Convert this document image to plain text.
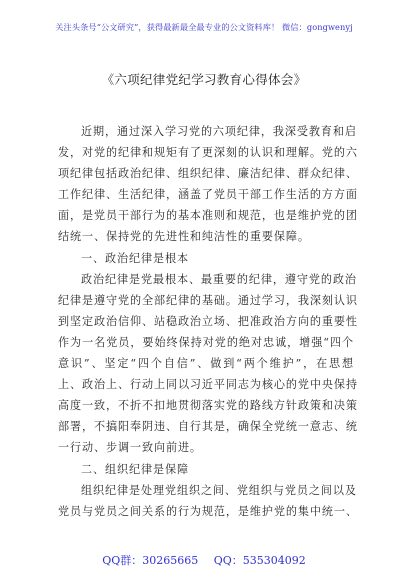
关注头条号“公文研究”，获得最新最全最专业的公文资料库！ 微信：gongwenyj
《六项纪律党纪学习教育心得体会》
近期，通过深入学习党的六项纪律，我深受教育和启
发，对党的纪律和规矩有了更深刻的认识和理解。党的六
项纪律包括政治纪律、组织纪律、廉洁纪律、群众纪律、
工作纪律、生活纪律，涵盖了党员干部工作生活的方方面
面，是党员干部行为的基本准则和规范，也是维护党的团
结统一、保持党的先进性和纯洁性的重要保障。
一、政治纪律是根本
政治纪律是党最根本、最重要的纪律，遵守党的政治
纪律是遵守党的全部纪律的基础。通过学习，我深刻认识
到坚定政治信仰、站稳政治立场、把准政治方向的重要性
作为一名党员，要始终保持对党的绝对忠诚，增强“四个
意识”、坚定“四个自信”、做到“两个维护”，在思想
上、政治上、行动上同以习近平同志为核心的党中央保持
高度一致，不折不扣地贯彻落实党的路线方针政策和决策
部署，不搞阳奉阴违、自行其是，确保全党统一意志、统
一行动、步调一致向前进。
二、组织纪律是保障
组织纪律是处理党组织之间、党组织与党员之间以及
党员与党员之间关系的行为规范，是维护党的集中统一、
QQ群：30265665 QQ：535304092
